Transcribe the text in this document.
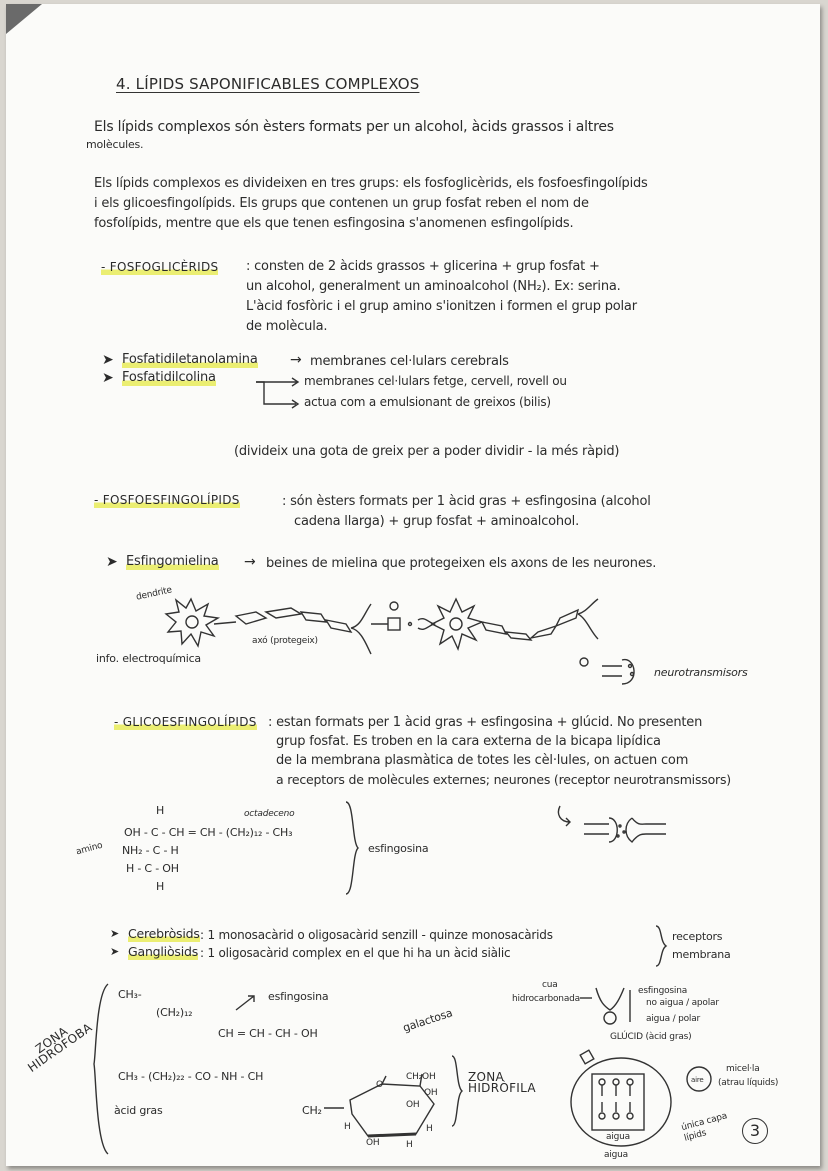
4. LÍPIDS SAPONIFICABLES COMPLEXOS
Els lípids complexos són èsters formats per un alcohol, àcids grassos i altres
molècules.
Els lípids complexos es divideixen en tres grups: els fosfoglicèrids, els fosfoesfingolípids
i els glicoesfingolípids. Els grups que contenen un grup fosfat reben el nom de
fosfolípids, mentre que els que tenen esfingosina s'anomenen esfingolípids.
- FOSFOGLICÈRIDS : consten de 2 àcids grassos + glicerina + grup fosfat +
un alcohol, generalment un aminoalcohol (NH₂). Ex: serina.
L'àcid fosfòric i el grup amino s'ionitzen i formen el grup polar
de molècula.
➤ Fosfatidiletanolamina → membranes cel·lulars cerebrals
➤ Fosfatidilcolina	membranes cel·lulars fetge, cervell, rovell ou
actua com a emulsionant de greixos (bilis)
(divideix una gota de greix per a poder dividir - la més ràpid)
- FOSFOESFINGOLÍPIDS	: són èsters formats per 1 àcid gras + esfingosina (alcohol
cadena llarga) + grup fosfat + aminoalcohol.
➤ Esfingomielina → beines de mielina que protegeixen els axons de les neurones.
dendrite
axó (protegeix)
info. electroquímica
neurotransmisors
- GLICOESFINGOLÍPIDS : estan formats per 1 àcid gras + esfingosina + glúcid. No presenten
grup fosfat. Es troben en la cara externa de la bicapa lipídica
de la membrana plasmàtica de totes les cèl·lules, on actuen com
a receptors de molècules externes; neurones (receptor neurotransmissors)
H	octadeceno
OH - C - CH = CH - (CH₂)₁₂ - CH₃
amino NH₂ - C - H
H - C - OH
H
esfingosina
➤ Cerebròsids : 1 monosacàrid o oligosacàrid senzill - quinze monosacàrids
➤ Gangliòsids : 1 oligosacàrid complex en el que hi ha un àcid siàlic
receptors
membrana
ZONA HIDRÒFOBA
CH₃-
(CH₂)₁₂
esfingosina
CH = CH - CH - OH
CH₃ - (CH₂)₂₂ - CO - NH - CH
àcid gras	CH₂
galactosa
CH₂OH
O
H
OH
OH
OH
H
H
ZONA HIDRÒFILA
cua
hidrocarbonada
esfingosina
no aigua / apolar
aigua / polar
GLÚCID (àcid gras)
aigua
aigua
aire
micel·la
(atrau líquids)
única capa lípids	3
